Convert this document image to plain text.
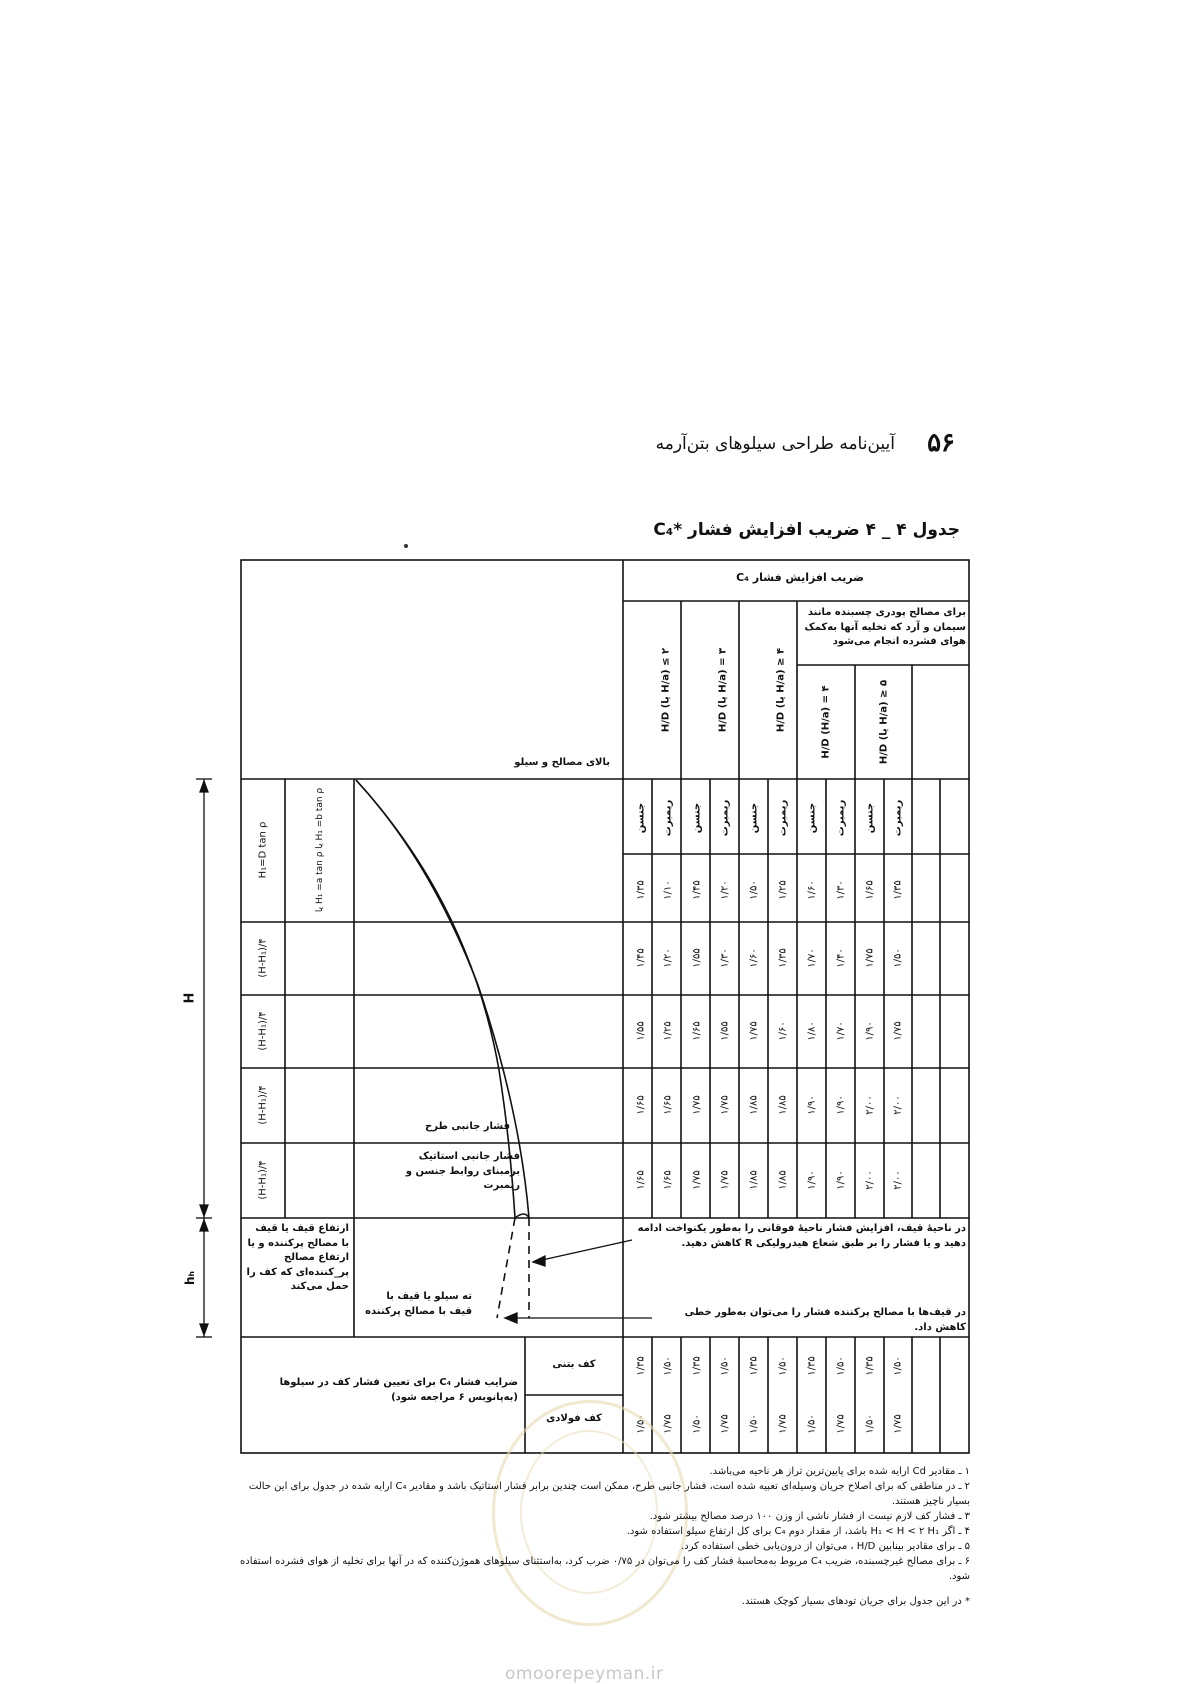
۵۶
آیین‌نامه طراحی سیلوهای بتن‌آرمه
جدول ۴ _ ۴ ضریب افزایش فشار *C₄
ضریب افزایش فشار C₄
برای مصالح پودری چسبنده مانند سیمان و آرد که تخلیه آنها به‌کمک هوای فشرده انجام می‌شود
H/D (یا H/a) ≤ ۲
H/D (یا H/a) = ۳
H/D (یا H/a) ≥ ۴
H/D (H/a) = ۴	H/D (یا H/a) ≥ ۵
جنسن ریمبرت جنسن ریمبرت جنسن ریمبرت جنسن ریمبرت جنسن ریمبرت
۱/۳۵ ۱/۱۰ ۱/۴۵ ۱/۲۰ ۱/۵۰ ۱/۲۵ ۱/۶۰ ۱/۳۰ ۱/۶۵ ۱/۳۵
۱/۴۵ ۱/۲۰ ۱/۵۵ ۱/۳۰ ۱/۶۰ ۱/۳۵ ۱/۷۰ ۱/۴۰ ۱/۷۵ ۱/۵۰
۱/۵۵ ۱/۲۵ ۱/۶۵ ۱/۵۵ ۱/۷۵ ۱/۶۰ ۱/۸۰ ۱/۷۰ ۱/۹۰ ۱/۷۵
۱/۶۵ ۱/۶۵ ۱/۷۵ ۱/۷۵ ۱/۸۵ ۱/۸۵ ۱/۹۰ ۱/۹۰ ۲/۰۰ ۲/۰۰
۱/۶۵ ۱/۶۵ ۱/۷۵ ۱/۷۵ ۱/۸۵ ۱/۸۵ ۱/۹۰ ۱/۹۰ ۲/۰۰ ۲/۰۰
H₁=D tan ρ
یا H₁ =a tan ρ یا H₁ =b tan ρ
(H-H₁)/۴
(H-H₁)/۴
(H-H₁)/۴
(H-H₁)/۴
H
hₕ
بالای مصالح و سیلو
فشار جانبی طرح
فشار جانبی استاتیک برمبنای روابط جنسن و ریمبرت
ارتفاع قیف یا قیف با مصالح پرکننده و یا ارتفاع مصالح پر_کننده‌ای که کف را حمل می‌کند
ته سیلو یا قیف با قیف با مصالح پرکننده
در ناحیهٔ قیف، افزایش فشار ناحیهٔ فوقانی را به‌طور یکنواخت ادامه دهید و یا فشار را بر طبق شعاع هیدرولیکی R کاهش دهید.
در قیف‌ها با مصالح پرکننده فشار را می‌توان به‌طور خطی کاهش داد.
کف بتنی
کف فولادی
ضرایب فشار C₄ برای تعیین فشار کف در سیلوها (به‌پانویس ۶ مراجعه شود)
۱/۳۵ ۱/۵۰ ۱/۳۵ ۱/۵۰ ۱/۳۵ ۱/۵۰ ۱/۳۵ ۱/۵۰ ۱/۳۵ ۱/۵۰
۱/۵۰ ۱/۷۵ ۱/۵۰ ۱/۷۵ ۱/۵۰ ۱/۷۵ ۱/۵۰ ۱/۷۵ ۱/۵۰ ۱/۷۵
۱ ـ مقادیر Cd ارایه شده برای پایین‌ترین تراز هر ناحیه می‌باشد.
۲ ـ در مناطقی که برای اصلاح جریان وسیله‌ای تعبیه شده است، فشار جانبی طرح، ممکن است چندین برابر فشار استاتیک باشد و مقادیر C₄ ارایه شده در جدول برای این حالت بسیار ناچیز هستند.
۳ ـ فشار کف لازم نیست از فشار ناشی از وزن ۱۰۰ درصد مصالح بیشتر شود.
۴ ـ اگر H₁ < H < ۲ H₁ باشد، از مقدار دوم C₄ برای کل ارتفاع سیلو استفاده شود.
۵ ـ برای مقادیر بینابین H/D ، می‌توان از درون‌یابی خطی استفاده کرد.
۶ ـ برای مصالح غیرچسبنده، ضریب C₄ مربوط به‌محاسبهٔ فشار کف را می‌توان در ۰/۷۵ ضرب کرد، به‌استثنای سیلوهای هموژن‌کننده که در آنها برای تخلیه از هوای فشرده استفاده شود.
* در این جدول برای جریان تودهای بسیار کوچک هستند.
omoorepeyman.ir
